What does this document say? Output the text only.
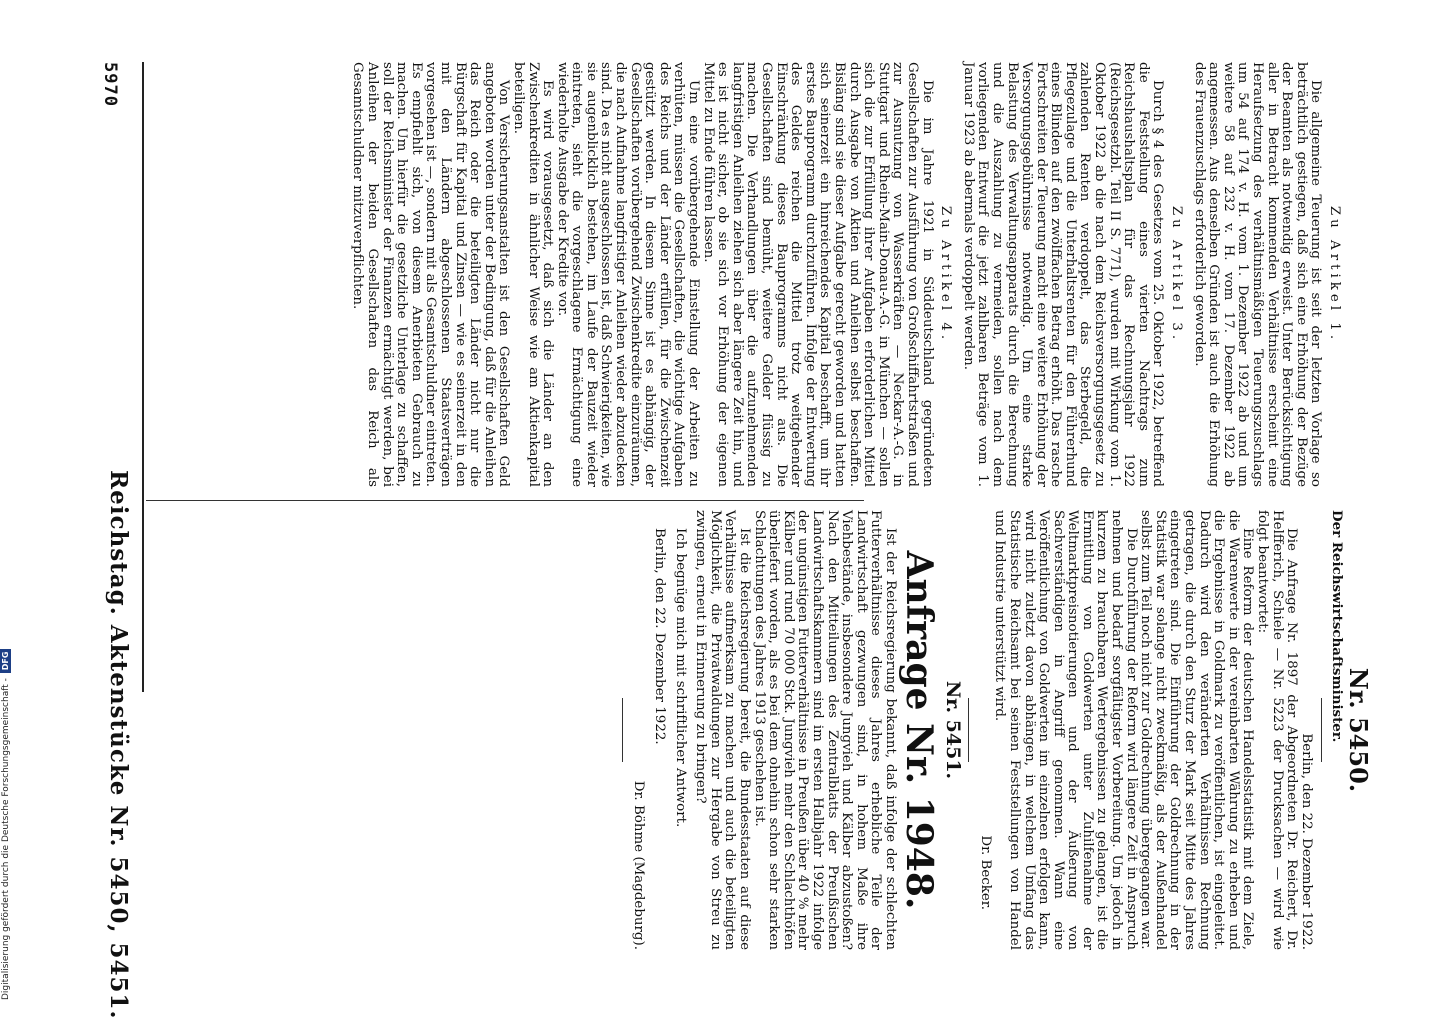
5970
Reichstag. Aktenstücke Nr. 5450, 5451.

Zu Artikel 1.

Die allgemeine Teuerung ist seit der letzten Vorlage so beträchtlich gestiegen, daß sich eine Erhöhung der Bezüge der Beamten als notwendig erweist. Unter Berücksichtigung aller in Betracht kommenden Verhältnisse erscheint eine Heraufsetzung des verhältnismäßigen Teuerungszuschlags um 54 auf 174 v. H. vom 1. Dezember 1922 ab und um weitere 58 auf 232 v. H. vom 17. Dezember 1922 ab angemessen. Aus denselben Gründen ist auch die Erhöhung des Frauenzuschlags erforderlich geworden.

Zu Artikel 3.

Durch § 4 des Gesetzes vom 25. Oktober 1922, betreffend die Feststellung eines vierten Nachtrags zum Reichshaushaltsplan für das Rechnungsjahr 1922 (Reichsgesetzbl. Teil II S. 771), wurden mit Wirkung vom 1. Oktober 1922 ab die nach dem Reichsversorgungsgesetz zu zahlenden Renten verdoppelt, das Sterbegeld, die Pflegezulage und die Unterhaltsrenten für den Führerhund eines Blinden auf den zwölffachen Betrag erhöht. Das rasche Fortschreiten der Teuerung macht eine weitere Erhöhung der Versorgungsgebührnisse notwendig. Um eine starke Belastung des Verwaltungsapparats durch die Berechnung und die Auszahlung zu vermeiden, sollen nach dem vorliegenden Entwurf die jetzt zahlbaren Beträge vom 1. Januar 1923 ab abermals verdoppelt werden.

Zu Artikel 4.

Die im Jahre 1921 in Süddeutschland gegründeten Gesellschaften zur Ausführung von Großschiffahrtstraßen und zur Ausnutzung von Wasserkräften — Neckar-A.-G. in Stuttgart und Rhein-Main-Donau-A.-G. in München — sollen sich die zur Erfüllung ihrer Aufgaben erforderlichen Mittel durch Ausgabe von Aktien und Anleihen selbst beschaffen. Bisläng sind sie dieser Aufgabe gerecht geworden und hatten sich seinerzeit ein hinreichendes Kapital beschafft, um ihr erstes Bauprogramm durchzuführen. Infolge der Entwertung des Geldes reichen die Mittel trotz weitgehender Einschränkung dieses Bauprogramms nicht aus. Die Gesellschaften sind bemüht, weitere Gelder flüssig zu machen. Die Verhandlungen über die aufzunehmenden langfristigen Anleihen ziehen sich aber längere Zeit hin, und es ist nicht sicher, ob sie sich vor Erhöhung der eigenen Mittel zu Ende führen lassen.

Um eine vorübergehende Einstellung der Arbeiten zu verhüten, müssen die Gesellschaften, die wichtige Aufgaben des Reichs und der Länder erfüllen, für die Zwischenzeit gestützt werden. In diesem Sinne ist es abhängig, der Gesellschaften vorübergehend Zwischenkredite einzuräumen, die nach Aufnahme langfristiger Anleihen wieder abzudecken sind. Da es nicht ausgeschlossen ist, daß Schwierigkeiten, wie sie augenblicklich bestehen, im Laufe der Bauzeit wieder eintreten, sieht die vorgeschlagene Ermächtigung eine wiederholte Ausgabe der Kredite vor.

Es wird vorausgesetzt, daß sich die Länder an den Zwischenkrediten in ähnlicher Weise wie am Aktienkapital beteiligen.

Von Versicherungsanstalten ist den Gesellschaften Geld angeboten worden unter der Bedingung, daß für die Anleihen das Reich oder die beteiligten Länder nicht nur die Bürgschaft für Kapital und Zinsen — wie es seinerzeit in den mit den Ländern abgeschlossenen Staatsverträgen vorgesehen ist —, sondern mit als Gesamtschuldner eintreten. Es empfiehlt sich, von diesem Anerbieten Gebrauch zu machen. Um hierfür die gesetzliche Unterlage zu schaffen, soll der Reichsminister der Finanzen ermächtigt werden, bei Anleihen der beiden Gesellschaften das Reich als Gesamtschuldner mitzuverpflichten.

Nr. 5450.

Der Reichswirtschaftsminister.

Berlin, den 22. Dezember 1922.

Die Anfrage Nr. 1897 der Abgeordneten Dr. Reichert, Dr. Helfferich, Schiele — Nr. 5223 der Drucksachen — wird wie folgt beantwortet:

Eine Reform der deutschen Handelsstatistik mit dem Ziele, die Warenwerte in der vereinbarten Währung zu erheben und die Ergebnisse in Goldmark zu veröffentlichen, ist eingeleitet. Dadurch wird den veränderten Verhältnissen Rechnung getragen, die durch den Sturz der Mark seit Mitte des Jahres eingetreten sind. Die Einführung der Goldrechnung in der Statistik war solange nicht zweckmäßig, als der Außenhandel selbst zum Teil noch nicht zur Goldrechnung übergegangen war.

Die Durchführung der Reform wird längere Zeit in Anspruch nehmen und bedarf sorgfältigster Vorbereitung. Um jedoch in kurzem zu brauchbaren Wertergebnissen zu gelangen, ist die Ermittlung von Goldwerten unter Zuhilfenahme der Weltmarktpreisnotierungen und der Äußerung von Sachverständigen in Angriff genommen. Wann eine Veröffentlichung von Goldwerten im einzelnen erfolgen kann, wird nicht zuletzt davon abhängen, in welchem Umfang das Statistische Reichsamt bei seinen Feststellungen von Handel und Industrie unterstützt wird.

Dr. Becker.

Nr. 5451.

Anfrage Nr. 1948.

Ist der Reichsregierung bekannt, daß infolge der schlechten Futterverhältnisse dieses Jahres erhebliche Teile der Landwirtschaft gezwungen sind, in hohem Maße ihre Viehbestände, insbesondere Jungvieh und Kälber abzustoßen? Nach den Mitteilungen des Zentralblatts der Preußischen Landwirtschaftskammern sind im ersten Halbjahr 1922 infolge der ungünstigen Futterverhältnisse in Preußen über 40 % mehr Kälber und rund 70 000 Stck. Jungvieh mehr den Schlachthöfen überliefert worden, als es bei dem ohnehin schon sehr starken Schlachtungen des Jahres 1913 geschehen ist.

Ist die Reichsregierung bereit, die Bundesstaaten auf diese Verhältnisse aufmerksam zu machen und auch die beteiligten Möglichkeit, die Privatwaldungen zur Hergabe von Streu zu zwingen, erneut in Erinnerung zu bringen?

Ich begnüge mich mit schriftlicher Antwort.

Berlin, den 22. Dezember 1922.

Dr. Böhme (Magdeburg).

Digitalisierung gefördert durch die Deutsche Forschungsgemeinschaft - DFG
